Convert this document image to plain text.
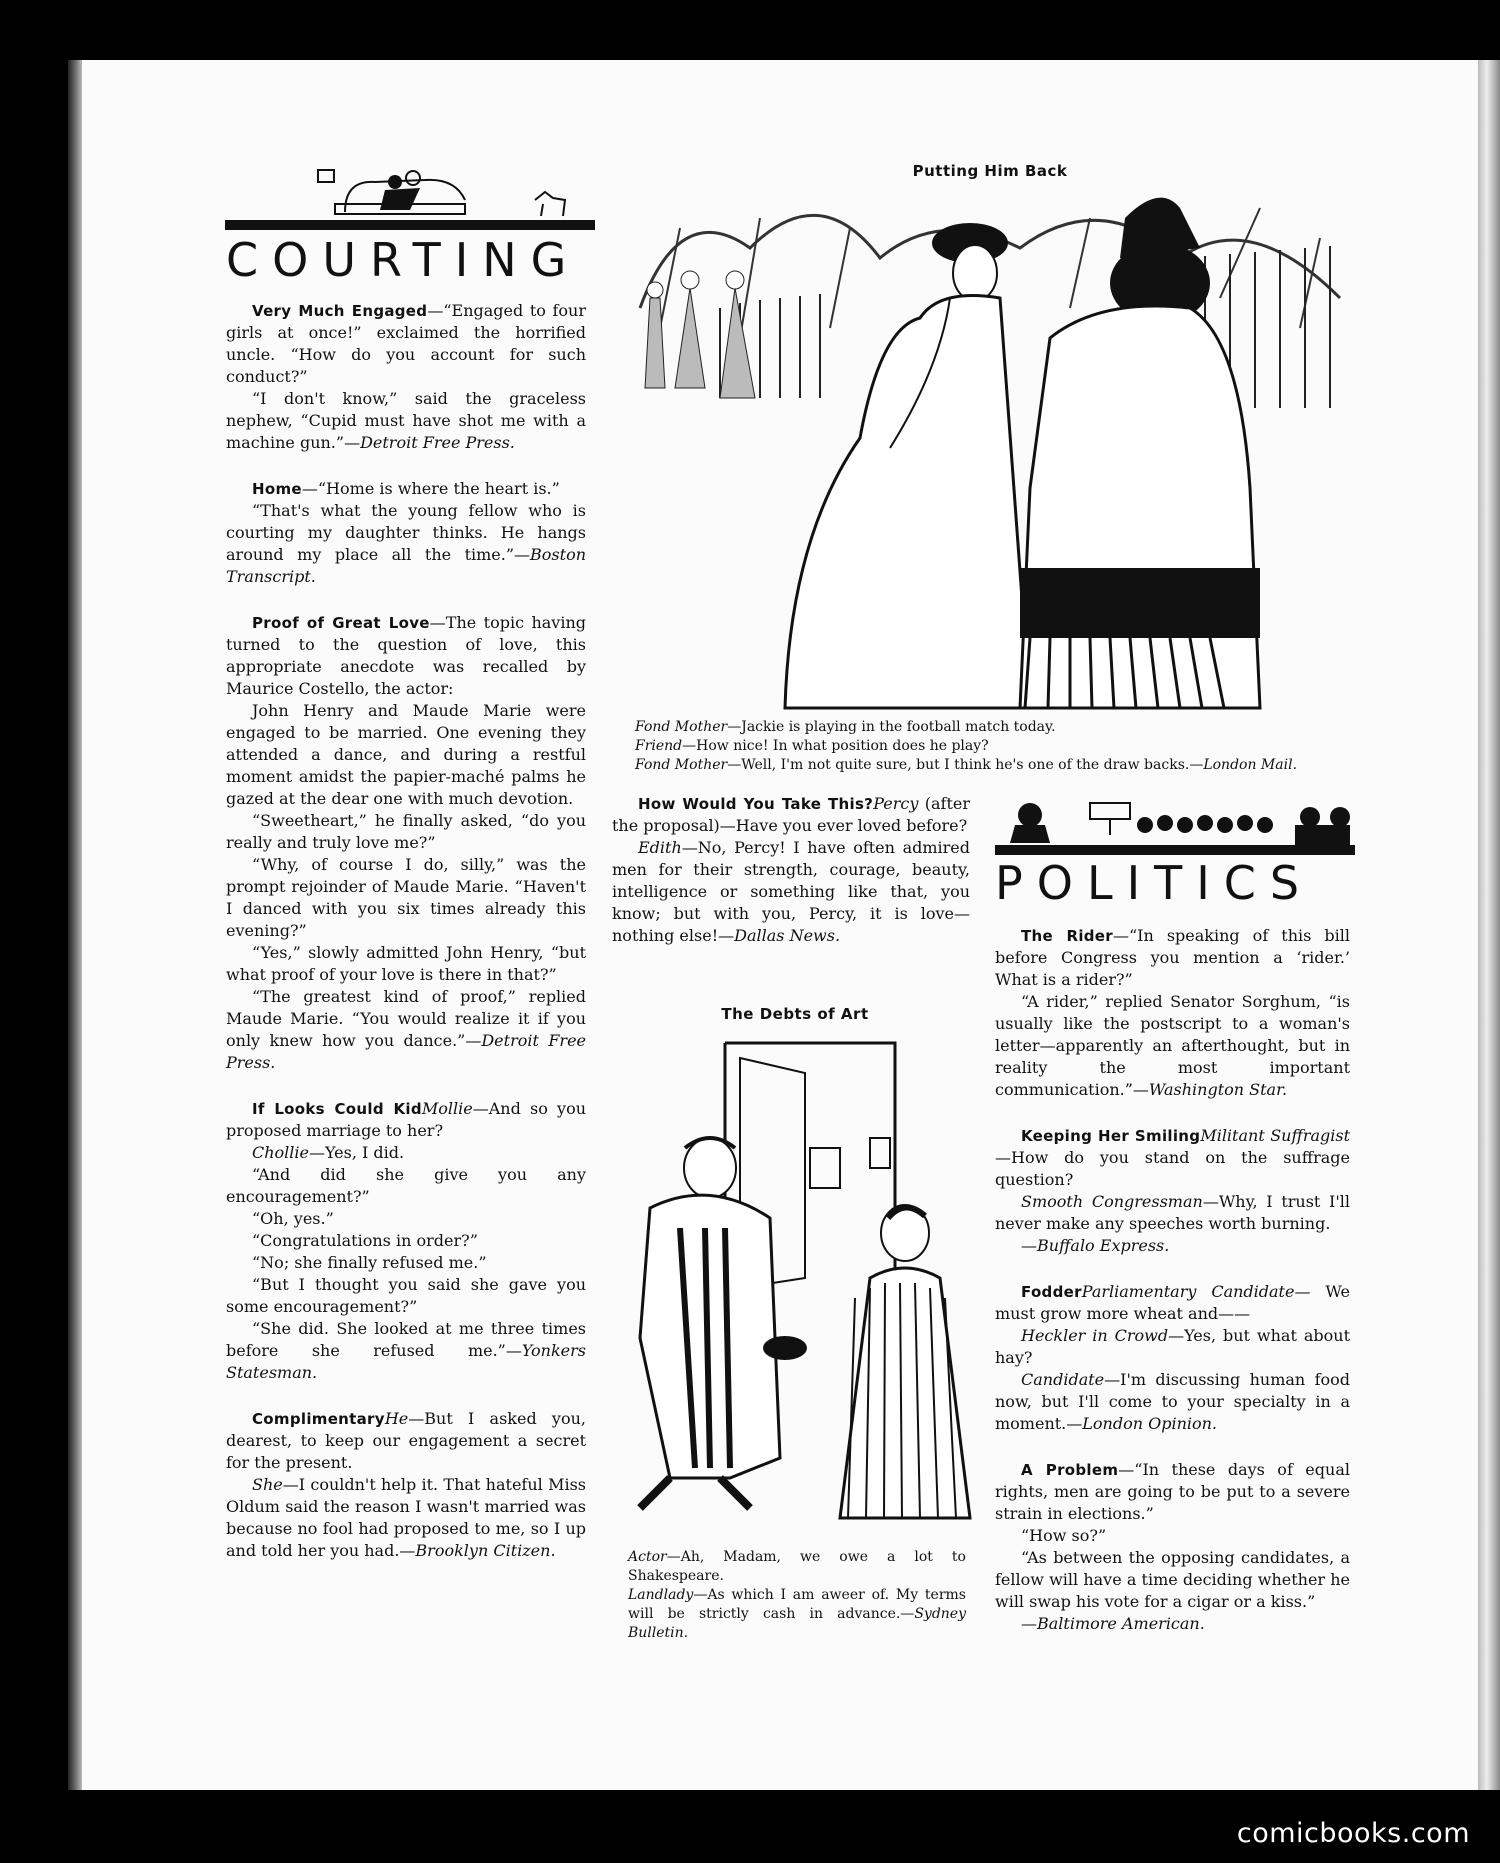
COURTING

Very Much Engaged—“Engaged to four girls at once!” exclaimed the horrified uncle. “How do you account for such conduct?”

“I don't know,” said the graceless nephew, “Cupid must have shot me with a machine gun.”—Detroit Free Press.

Home—“Home is where the heart is.”

“That's what the young fellow who is courting my daughter thinks. He hangs around my place all the time.”—Boston Transcript.

Proof of Great Love—The topic having turned to the question of love, this appropriate anecdote was recalled by Maurice Costello, the actor:

John Henry and Maude Marie were engaged to be married. One evening they attended a dance, and during a restful moment amidst the papier-maché palms he gazed at the dear one with much devotion.

“Sweetheart,” he finally asked, “do you really and truly love me?”

“Why, of course I do, silly,” was the prompt rejoinder of Maude Marie. “Haven't I danced with you six times already this evening?”

“Yes,” slowly admitted John Henry, “but what proof of your love is there in that?”

“The greatest kind of proof,” replied Maude Marie. “You would realize it if you only knew how you dance.”—Detroit Free Press.

If Looks Could KidMollie—And so you proposed marriage to her?

Chollie—Yes, I did.

“And did she give you any encouragement?”

“Oh, yes.”

“Congratulations in order?”

“No; she finally refused me.”

“But I thought you said she gave you some encouragement?”

“She did. She looked at me three times before she refused me.”—Yonkers Statesman.

ComplimentaryHe—But I asked you, dearest, to keep our engagement a secret for the present.

She—I couldn't help it. That hateful Miss Oldum said the reason I wasn't married was because no fool had proposed to me, so I up and told her you had.—Brooklyn Citizen.

Putting Him Back
Fond Mother—Jackie is playing in the football match today.
Friend—How nice! In what position does he play?
Fond Mother—Well, I'm not quite sure, but I think he's one of the draw backs.—London Mail.

How Would You Take This?Percy (after the proposal)—Have you ever loved before?

Edith—No, Percy! I have often admired men for their strength, courage, beauty, intelligence or something like that, you know; but with you, Percy, it is love—nothing else!—Dallas News.

The Debts of Art
Actor—Ah, Madam, we owe a lot to Shakespeare.
Landlady—As which I am aweer of. My terms will be strictly cash in advance.—Sydney Bulletin.
POLITICS

The Rider—“In speaking of this bill before Congress you mention a ‘rider.’ What is a rider?”

“A rider,” replied Senator Sorghum, “is usually like the postscript to a woman's letter—apparently an afterthought, but in reality the most important communication.”—Washington Star.

Keeping Her SmilingMilitant Suffragist—How do you stand on the suffrage question?

Smooth Congressman—Why, I trust I'll never make any speeches worth burning.

—Buffalo Express.

FodderParliamentary Candidate— We must grow more wheat and——

Heckler in Crowd—Yes, but what about hay?

Candidate—I'm discussing human food now, but I'll come to your specialty in a moment.—London Opinion.

A Problem—“In these days of equal rights, men are going to be put to a severe strain in elections.”

“How so?”

“As between the opposing candidates, a fellow will have a time deciding whether he will swap his vote for a cigar or a kiss.”

—Baltimore American.

comicbooks.com
